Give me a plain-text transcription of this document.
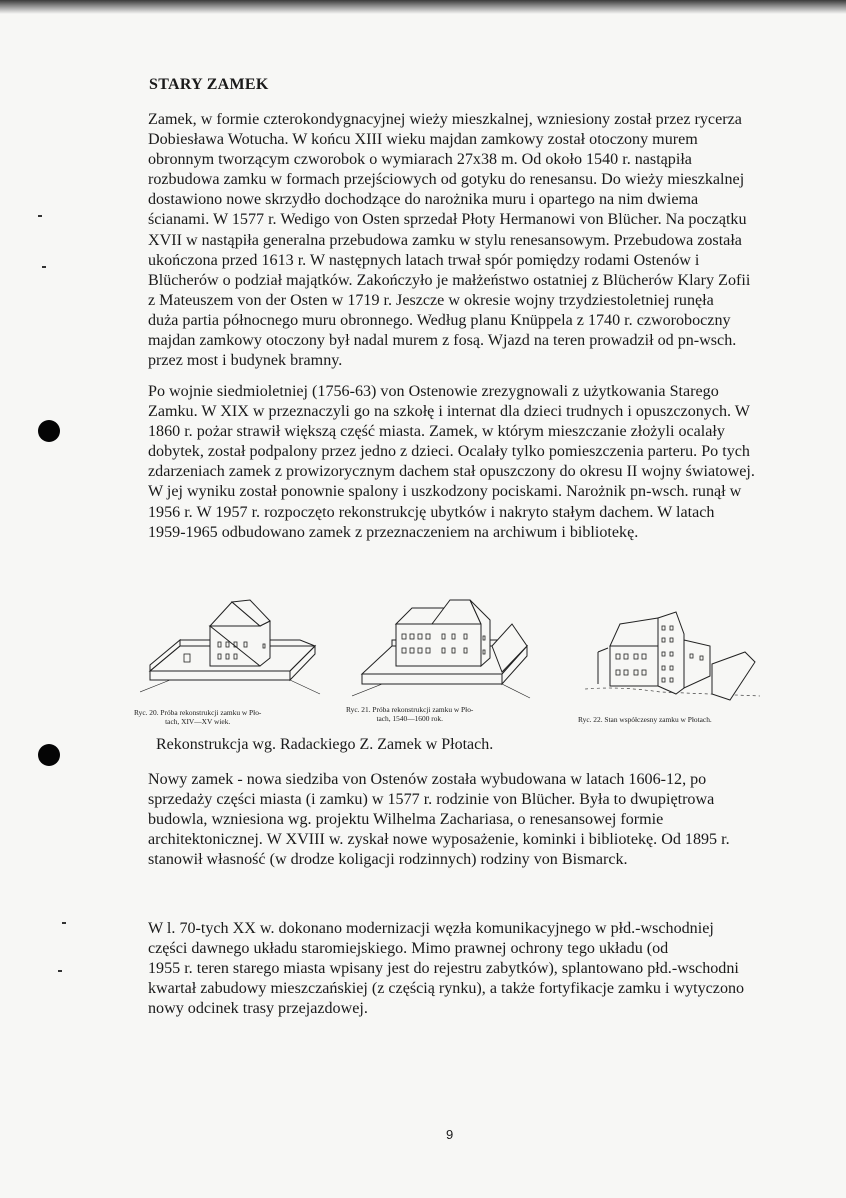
STARY ZAMEK
Zamek, w formie czterokondygnacyjnej wieży mieszkalnej, wzniesiony został przez rycerza
Dobiesława Wotucha. W końcu XIII wieku majdan zamkowy został otoczony murem
obronnym tworzącym czworobok o wymiarach 27x38 m. Od około 1540 r. nastąpiła
rozbudowa zamku w formach przejściowych od gotyku do renesansu. Do wieży mieszkalnej
dostawiono nowe skrzydło dochodzące do narożnika muru i opartego na nim dwiema
ścianami. W 1577 r. Wedigo von Osten sprzedał Płoty Hermanowi von Blücher. Na początku
XVII w nastąpiła generalna przebudowa zamku w stylu renesansowym. Przebudowa została
ukończona przed 1613 r. W następnych latach trwał spór pomiędzy rodami Ostenów i
Blücherów o podział majątków. Zakończyło je małżeństwo ostatniej z Blücherów Klary Zofii
z Mateuszem von der Osten w 1719 r. Jeszcze w okresie wojny trzydziestoletniej runęła
duża partia północnego muru obronnego. Według planu Knüppela z 1740 r. czworoboczny
majdan zamkowy otoczony był nadal murem z fosą. Wjazd na teren prowadził od pn-wsch.
przez most i budynek bramny.
Po wojnie siedmioletniej (1756-63) von Ostenowie zrezygnowali z użytkowania Starego
Zamku. W XIX w przeznaczyli go na szkołę i internat dla dzieci trudnych i opuszczonych. W
1860 r. pożar strawił większą część miasta. Zamek, w którym mieszczanie złożyli ocalały
dobytek, został podpalony przez jedno z dzieci. Ocalały tylko pomieszczenia parteru. Po tych
zdarzeniach zamek z prowizorycznym dachem stał opuszczony do okresu II wojny światowej.
W jej wyniku został ponownie spalony i uszkodzony pociskami. Narożnik pn-wsch. runął w
1956 r. W 1957 r. rozpoczęto rekonstrukcję ubytków i nakryto stałym dachem. W latach
1959-1965 odbudowano zamek z przeznaczeniem na archiwum i bibliotekę.
Ryc. 20. Próba rekonstrukcji zamku w Pło-
tach, XIV—XV wiek.
Ryc. 21. Próba rekonstrukcji zamku w Pło-
tach, 1540—1600 rok.	Ryc. 22. Stan współczesny zamku w Płotach.
Rekonstrukcja wg. Radackiego Z. Zamek w Płotach.
Nowy zamek - nowa siedziba von Ostenów została wybudowana w latach 1606-12, po
sprzedaży części miasta (i zamku) w 1577 r. rodzinie von Blücher. Była to dwupiętrowa
budowla, wzniesiona wg. projektu Wilhelma Zachariasa, o renesansowej formie
architektonicznej. W XVIII w. zyskał nowe wyposażenie, kominki i bibliotekę. Od 1895 r.
stanowił własność (w drodze koligacji rodzinnych) rodziny von Bismarck.
W l. 70-tych XX w. dokonano modernizacji węzła komunikacyjnego w płd.-wschodniej
części dawnego układu staromiejskiego. Mimo prawnej ochrony tego układu (od
1955 r. teren starego miasta wpisany jest do rejestru zabytków), splantowano płd.-wschodni
kwartał zabudowy mieszczańskiej (z częścią rynku), a także fortyfikacje zamku i wytyczono
nowy odcinek trasy przejazdowej.
9
